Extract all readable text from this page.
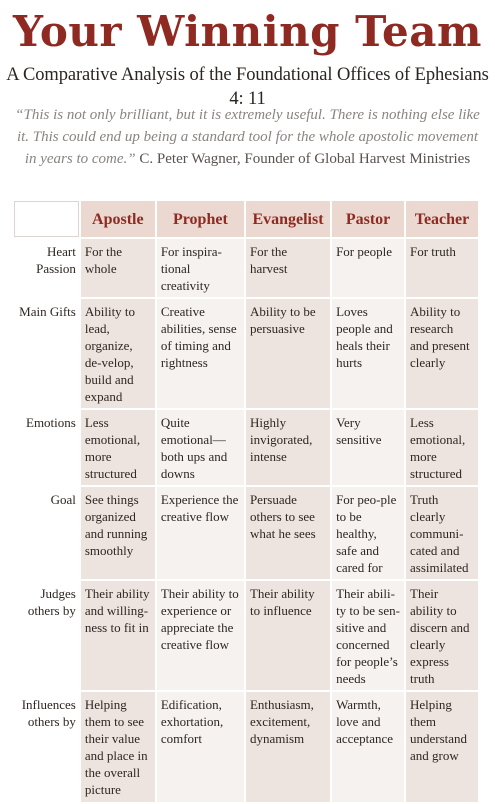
Your Winning Team
A Comparative Analysis of the Foundational Offices of Ephesians 4: 11
“This is not only brilliant, but it is extremely useful. There is nothing else like it. This could end up being a standard tool for the whole apostolic movement in years to come.” C. Peter Wagner, Founder of Global Harvest Ministries
	Apostle	Prophet	Evangelist	Pastor	Teacher
Heart Passion	For the whole	For inspira-tional creativity	For the harvest	For people	For truth
Main Gifts	Ability to lead, organize, de-velop, build and expand	Creative abilities, sense of timing and rightness	Ability to be persuasive	Loves people and heals their hurts	Ability to research and present clearly
Emotions	Less emotional, more structured	Quite emotional—both ups and downs	Highly invigorated, intense	Very sensitive	Less emotional, more structured
Goal	See things organized and running smoothly	Experience the creative flow	Persuade others to see what he sees	For peo-ple to be healthy, safe and cared for	Truth clearly communi-cated and assimilated
Judges others by	Their ability and willing-ness to fit in	Their ability to experience or appreciate the creative flow	Their ability to influence	Their abili-ty to be sen-sitive and concerned for people’s needs	Their ability to discern and clearly express truth
Influences others by	Helping them to see their value and place in the overall picture	Edification, exhortation, comfort	Enthusiasm, excitement, dynamism	Warmth, love and acceptance	Helping them understand and grow
